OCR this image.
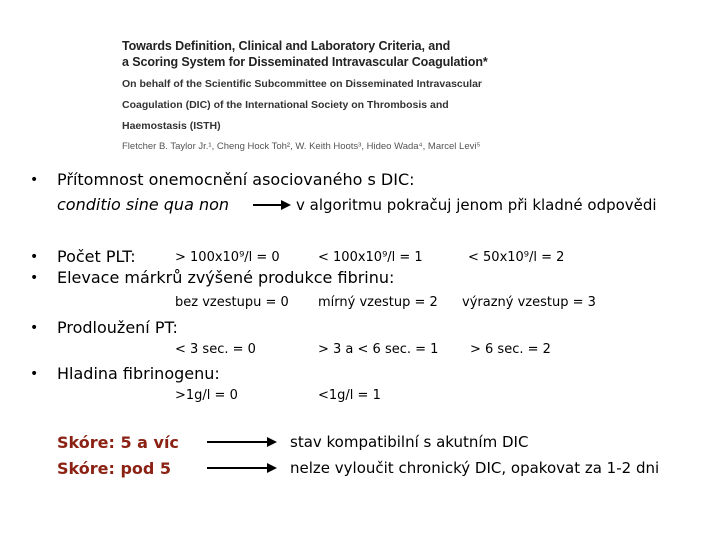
Towards Definition, Clinical and Laboratory Criteria, and
a Scoring System for Disseminated Intravascular Coagulation*
On behalf of the Scientific Subcommittee on Disseminated Intravascular
Coagulation (DIC) of the International Society on Thrombosis and
Haemostasis (ISTH)
Fletcher B. Taylor Jr.¹, Cheng Hock Toh², W. Keith Hoots³, Hideo Wada⁴, Marcel Levi⁵
• Přítomnost onemocnění asociovaného s DIC:
conditio sine qua non	v algoritmu pokračuj jenom při kladné odpovědi
• Počet PLT:	> 100x10⁹/l = 0	< 100x10⁹/l = 1	< 50x10⁹/l = 2
• Elevace márkrů zvýšené produkce fibrinu:
bez vzestupu = 0 mírný vzestup = 2 výrazný vzestup = 3
• Prodloužení PT:
< 3 sec. = 0	> 3 a < 6 sec. = 1 > 6 sec. = 2
• Hladina fibrinogenu:
>1g/l = 0	<1g/l = 1
Skóre: 5 a víc	stav kompatibilní s akutním DIC
Skóre: pod 5	nelze vyloučit chronický DIC, opakovat za 1-2 dni
